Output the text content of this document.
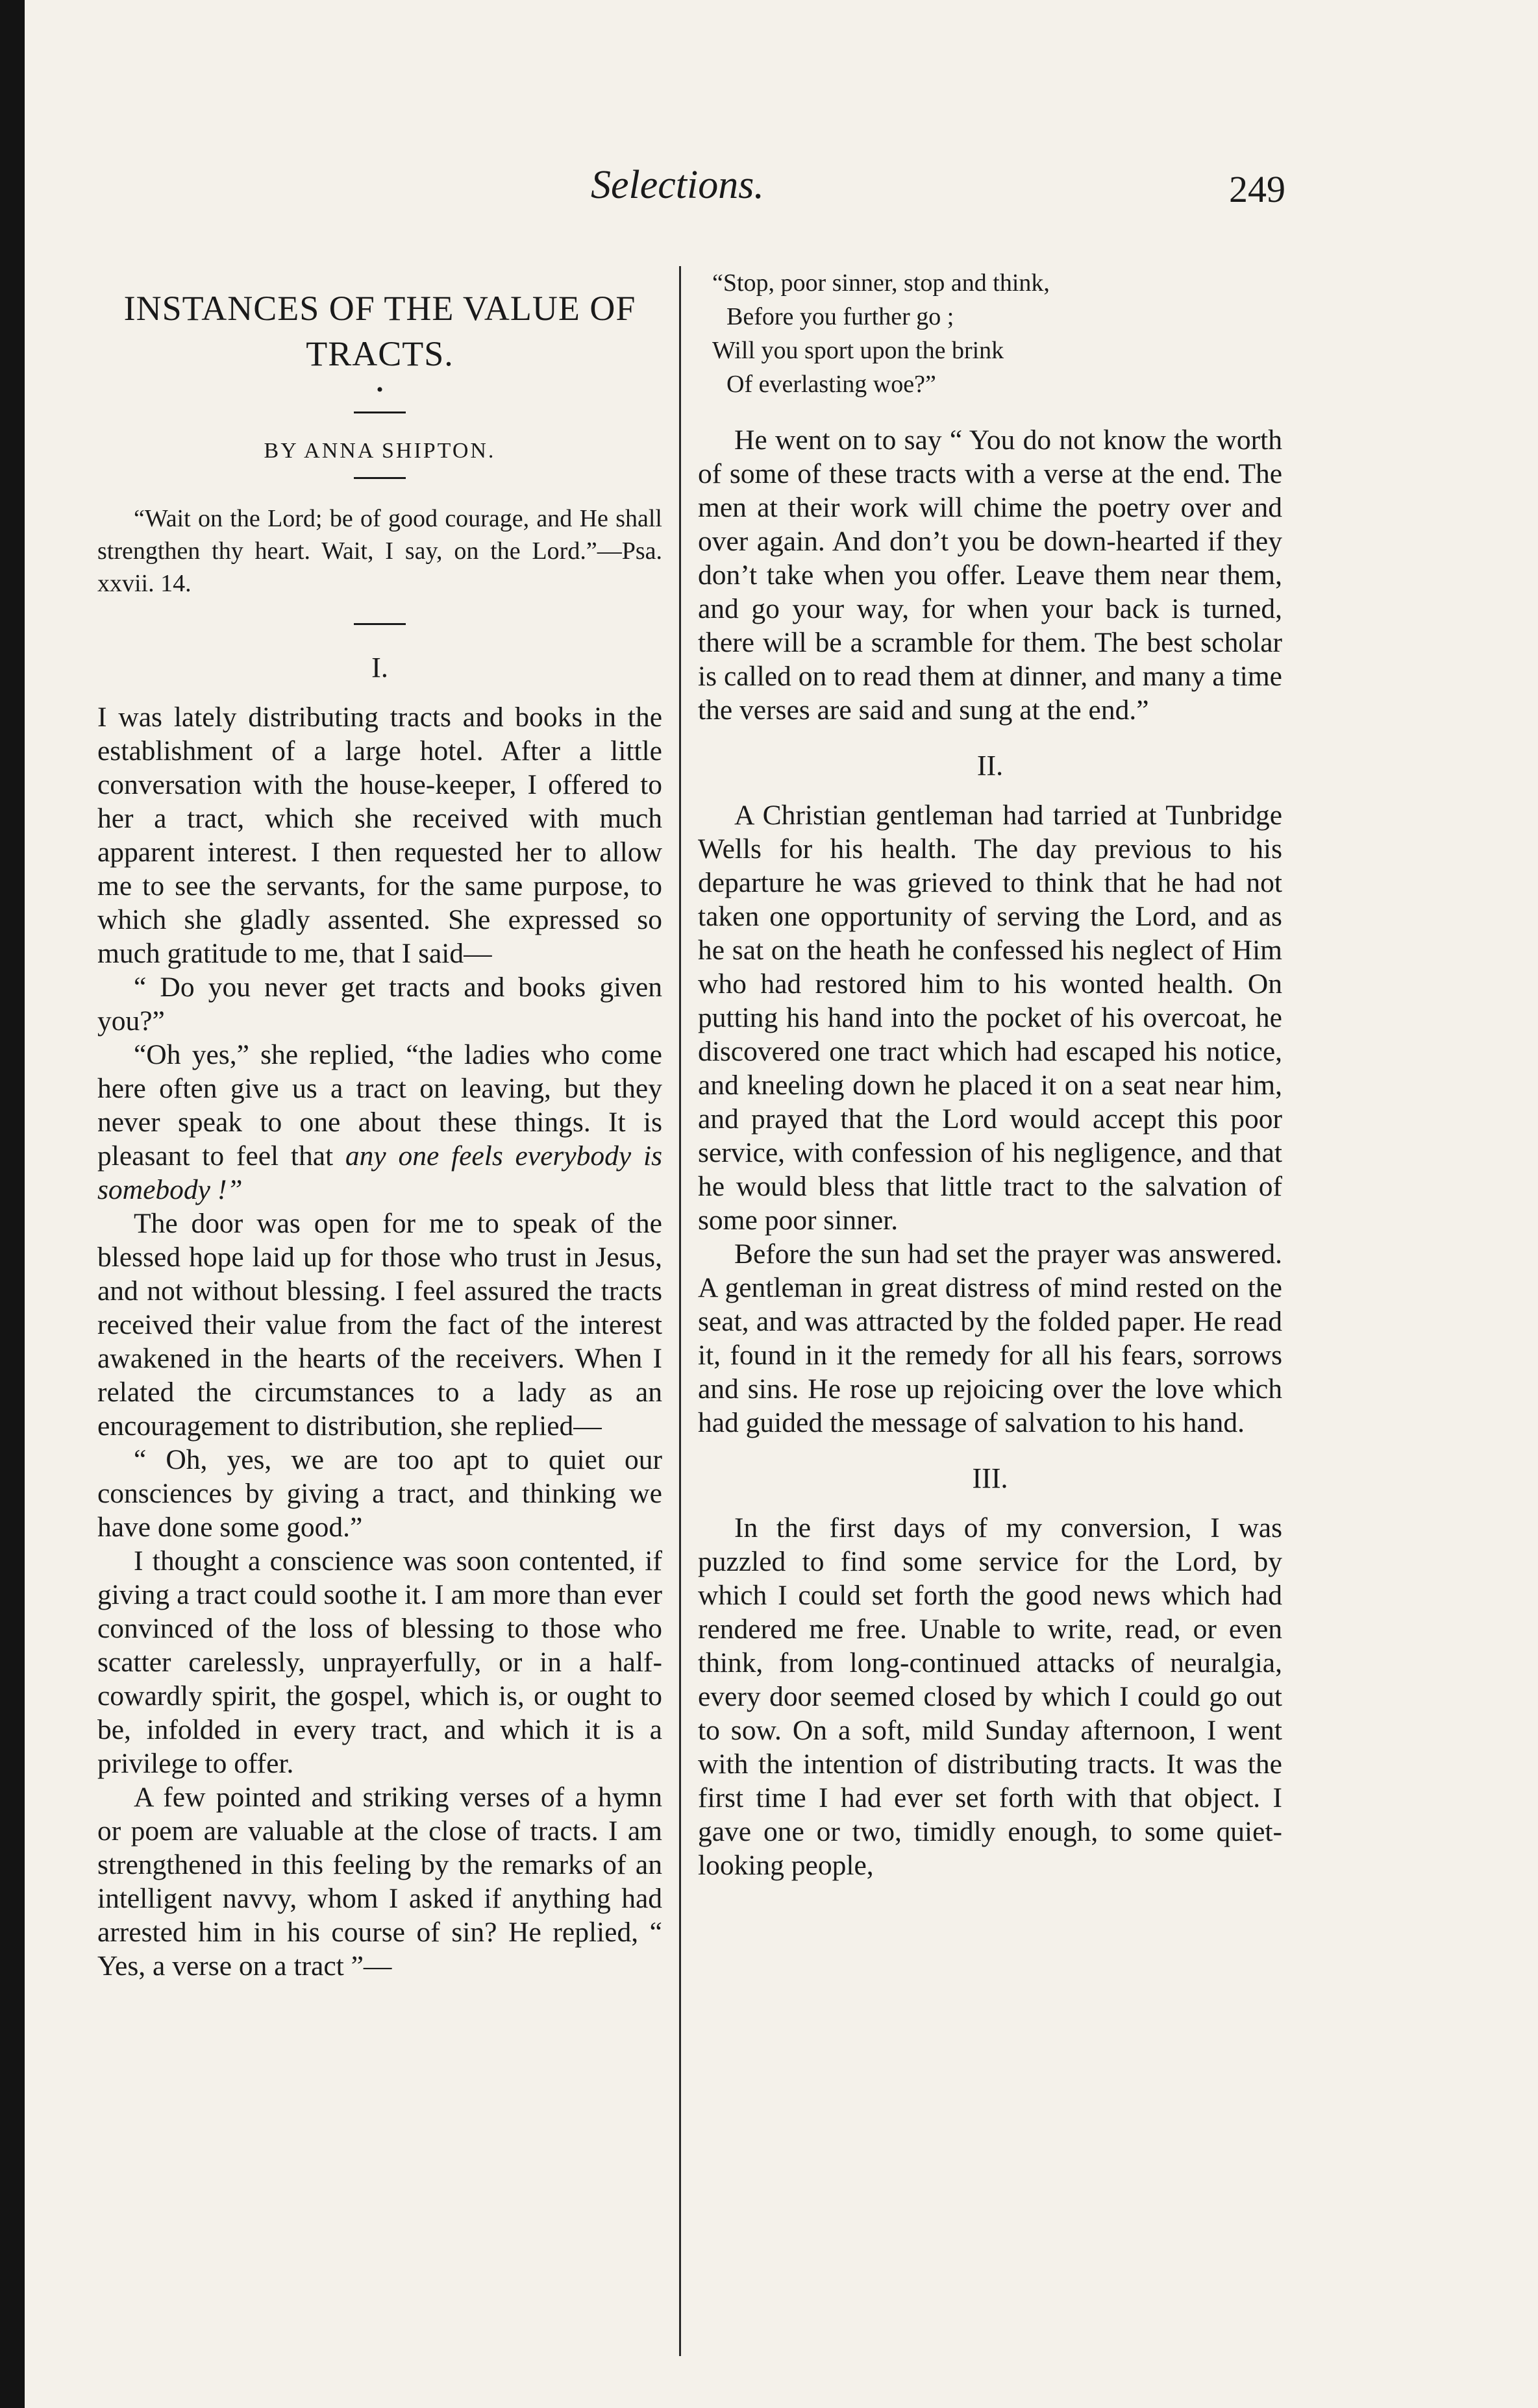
Selections.	249
INSTANCES OF THE VALUE OF TRACTS.
•
BY ANNA SHIPTON.

“Wait on the Lord; be of good courage, and He shall strengthen thy heart. Wait, I say, on the Lord.”—Psa. xxvii. 14.

I.

I was lately distributing tracts and books in the establishment of a large hotel. After a little conversation with the house-keeper, I offered to her a tract, which she received with much apparent interest. I then requested her to allow me to see the servants, for the same purpose, to which she gladly assented. She expressed so much gratitude to me, that I said—

“ Do you never get tracts and books given you?”

“Oh yes,” she replied, “the ladies who come here often give us a tract on leaving, but they never speak to one about these things. It is pleasant to feel that any one feels everybody is somebody !”

The door was open for me to speak of the blessed hope laid up for those who trust in Jesus, and not without blessing. I feel assured the tracts received their value from the fact of the interest awakened in the hearts of the receivers. When I related the circumstances to a lady as an encouragement to distribution, she replied—

“ Oh, yes, we are too apt to quiet our consciences by giving a tract, and thinking we have done some good.”

I thought a conscience was soon contented, if giving a tract could soothe it. I am more than ever convinced of the loss of blessing to those who scatter carelessly, unprayerfully, or in a half-cowardly spirit, the gospel, which is, or ought to be, infolded in every tract, and which it is a privilege to offer.

A few pointed and striking verses of a hymn or poem are valuable at the close of tracts. I am strengthened in this feeling by the remarks of an intelligent navvy, whom I asked if anything had arrested him in his course of sin? He replied, “ Yes, a verse on a tract ”—

“Stop, poor sinner, stop and think,
Before you further go ;
Will you sport upon the brink
Of everlasting woe?”

He went on to say “ You do not know the worth of some of these tracts with a verse at the end. The men at their work will chime the poetry over and over again. And don’t you be down-hearted if they don’t take when you offer. Leave them near them, and go your way, for when your back is turned, there will be a scramble for them. The best scholar is called on to read them at dinner, and many a time the verses are said and sung at the end.”

II.

A Christian gentleman had tarried at Tunbridge Wells for his health. The day previous to his departure he was grieved to think that he had not taken one opportunity of serving the Lord, and as he sat on the heath he confessed his neglect of Him who had restored him to his wonted health. On putting his hand into the pocket of his overcoat, he discovered one tract which had escaped his notice, and kneeling down he placed it on a seat near him, and prayed that the Lord would accept this poor service, with confession of his negligence, and that he would bless that little tract to the salvation of some poor sinner.

Before the sun had set the prayer was answered. A gentleman in great distress of mind rested on the seat, and was attracted by the folded paper. He read it, found in it the remedy for all his fears, sorrows and sins. He rose up rejoicing over the love which had guided the message of salvation to his hand.

III.

In the first days of my conversion, I was puzzled to find some service for the Lord, by which I could set forth the good news which had rendered me free. Unable to write, read, or even think, from long-continued attacks of neuralgia, every door seemed closed by which I could go out to sow. On a soft, mild Sunday afternoon, I went with the intention of distributing tracts. It was the first time I had ever set forth with that object. I gave one or two, timidly enough, to some quiet-looking people,
